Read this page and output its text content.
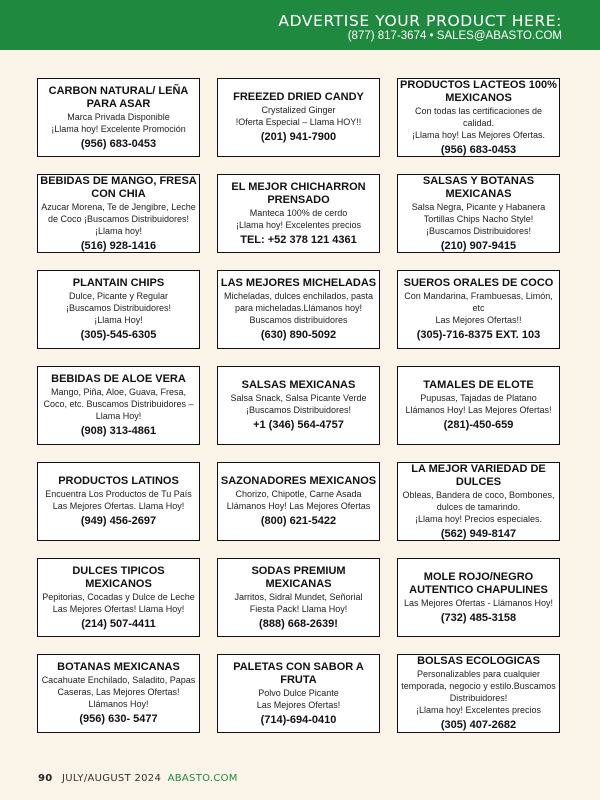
ADVERTISE YOUR PRODUCT HERE:
(877) 817-3674 • SALES@ABASTO.COM
CARBON NATURAL/ LEÑA PARA ASAR
Marca Privada Disponible
¡Llama hoy! Excelente Promoción
(956) 683-0453
FREEZED DRIED CANDY
Crystalized Ginger
!Oferta Especial – Llama HOY!!
(201) 941-7900
PRODUCTOS LACTEOS 100% MEXICANOS
Con todas las certificaciones de calidad.
¡Llama hoy! Las Mejores Ofertas.
(956) 683-0453
BEBIDAS DE MANGO, FRESA CON CHIA
Azucar Morena, Te de Jengibre, Leche de Coco ¡Buscamos Distribuidores! ¡Llama hoy!
(516) 928-1416
EL MEJOR CHICHARRON PRENSADO
Manteca 100% de cerdo
¡Llama hoy! Excelentes precios
TEL: +52 378 121 4361
SALSAS Y BOTANAS MEXICANAS
Salsa Negra, Picante y Habanera
Tortillas Chips Nacho Style!
¡Buscamos Distribuidores!
(210) 907-9415
PLANTAIN CHIPS
Dulce, Picante y Regular
¡Buscamos Distribuidores!
¡Llama Hoy!
(305)-545-6305
LAS MEJORES MICHELADAS
Micheladas, dulces enchilados, pasta para micheladas.Llámanos hoy! Buscamos distribuidores
(630) 890-5092
SUEROS ORALES DE COCO
Con Mandarina, Frambuesas, Limón, etc
Las Mejores Ofertas!!
(305)-716-8375 EXT. 103
BEBIDAS DE ALOE VERA
Mango, Piña, Aloe, Guava, Fresa, Coco, etc. Buscamos Distribuidores – Llama Hoy!
(908) 313-4861
SALSAS MEXICANAS
Salsa Snack, Salsa Picante Verde
¡Buscamos Distribuidores!
+1 (346) 564-4757
TAMALES DE ELOTE
Pupusas, Tajadas de Platano
Llámanos Hoy! Las Mejores Ofertas!
(281)-450-659
PRODUCTOS LATINOS
Encuentra Los Productos de Tu País
Las Mejores Ofertas. Llama Hoy!
(949) 456-2697
SAZONADORES MEXICANOS
Chorizo, Chipotle, Carne Asada
Llámanos Hoy! Las Mejores Ofertas
(800) 621-5422
LA MEJOR VARIEDAD DE DULCES
Obleas, Bandera de coco, Bombones, dulces de tamarindo.
¡Llama hoy! Precios especiales.
(562) 949-8147
DULCES TIPICOS MEXICANOS
Pepitorias, Cocadas y Dulce de Leche
Las Mejores Ofertas! Llama Hoy!
(214) 507-4411
SODAS PREMIUM MEXICANAS
Jarritos, Sidral Mundet, Señorial
Fiesta Pack! Llama Hoy!
(888) 668-2639!
MOLE ROJO/NEGRO AUTENTICO CHAPULINES
Las Mejores Ofertas - Llámanos Hoy!
(732) 485-3158
BOTANAS MEXICANAS
Cacahuate Enchilado, Saladito, Papas Caseras, Las Mejores Ofertas!
Llámanos Hoy!
(956) 630- 5477
PALETAS CON SABOR A FRUTA
Polvo Dulce Picante
Las Mejores Ofertas!
(714)-694-0410
BOLSAS ECOLOGICAS
Personalizables para cualquier temporada, negocio y estilo.Buscamos Distribuidores!
¡Llama hoy! Excelentes precios
(305) 407-2682
90 JULY/AUGUST 2024 ABASTO.COM
